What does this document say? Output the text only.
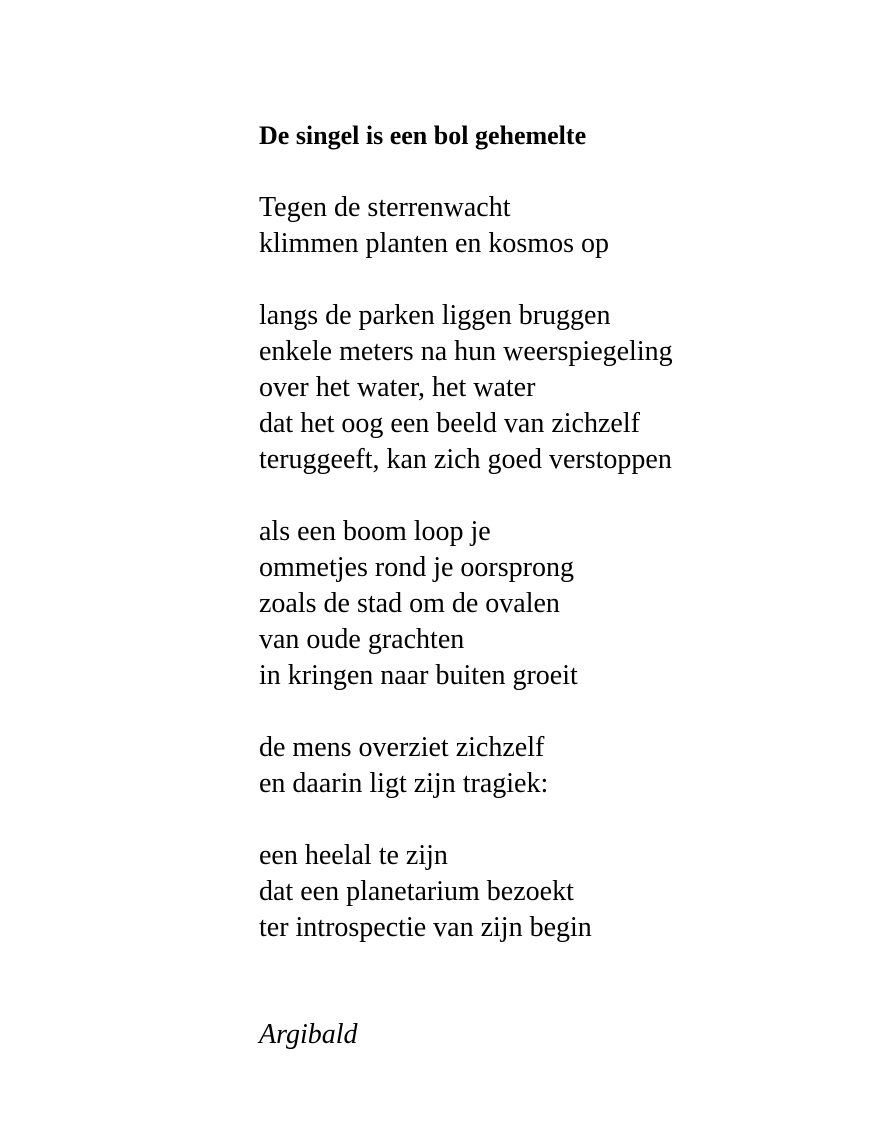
De singel is een bol gehemelte
Tegen de sterrenwacht
klimmen planten en kosmos op
langs de parken liggen bruggen
enkele meters na hun weerspiegeling
over het water, het water
dat het oog een beeld van zichzelf
teruggeeft, kan zich goed verstoppen
als een boom loop je
ommetjes rond je oorsprong
zoals de stad om de ovalen
van oude grachten
in kringen naar buiten groeit
de mens overziet zichzelf
en daarin ligt zijn tragiek:
een heelal te zijn
dat een planetarium bezoekt
ter introspectie van zijn begin
Argibald
